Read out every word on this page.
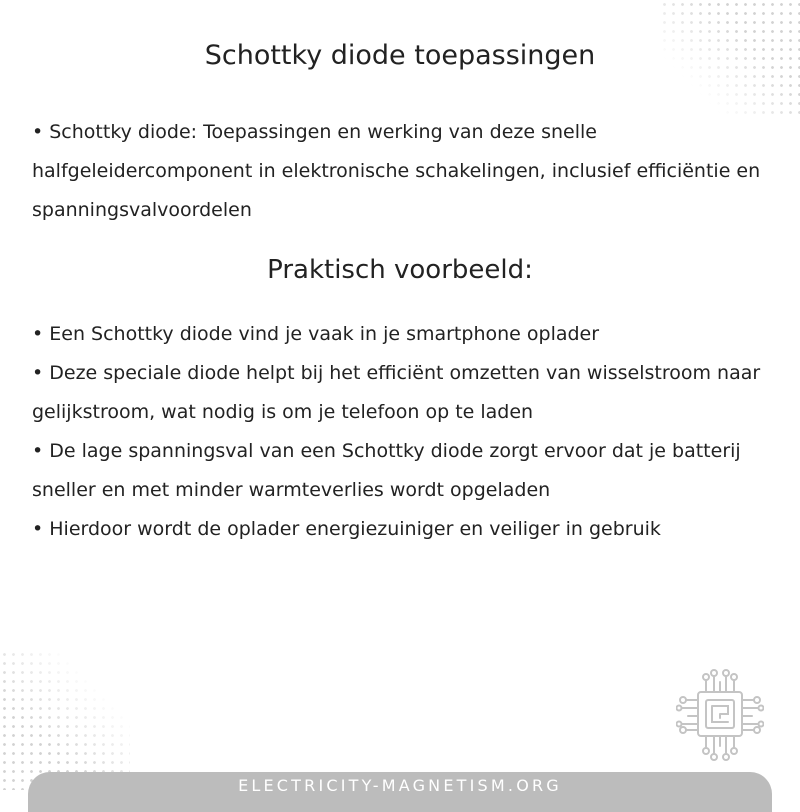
Schottky diode toepassingen

• Schottky diode: Toepassingen en werking van deze snelle halfgeleidercomponent in elektronische schakelingen, inclusief efficiëntie en spanningsvalvoordelen

Praktisch voorbeeld:

• Een Schottky diode vind je vaak in je smartphone oplader

• Deze speciale diode helpt bij het efficiënt omzetten van wisselstroom naar gelijkstroom, wat nodig is om je telefoon op te laden

• De lage spanningsval van een Schottky diode zorgt ervoor dat je batterij sneller en met minder warmteverlies wordt opgeladen

• Hierdoor wordt de oplader energiezuiniger en veiliger in gebruik

ELECTRICITY-MAGNETISM.ORG
